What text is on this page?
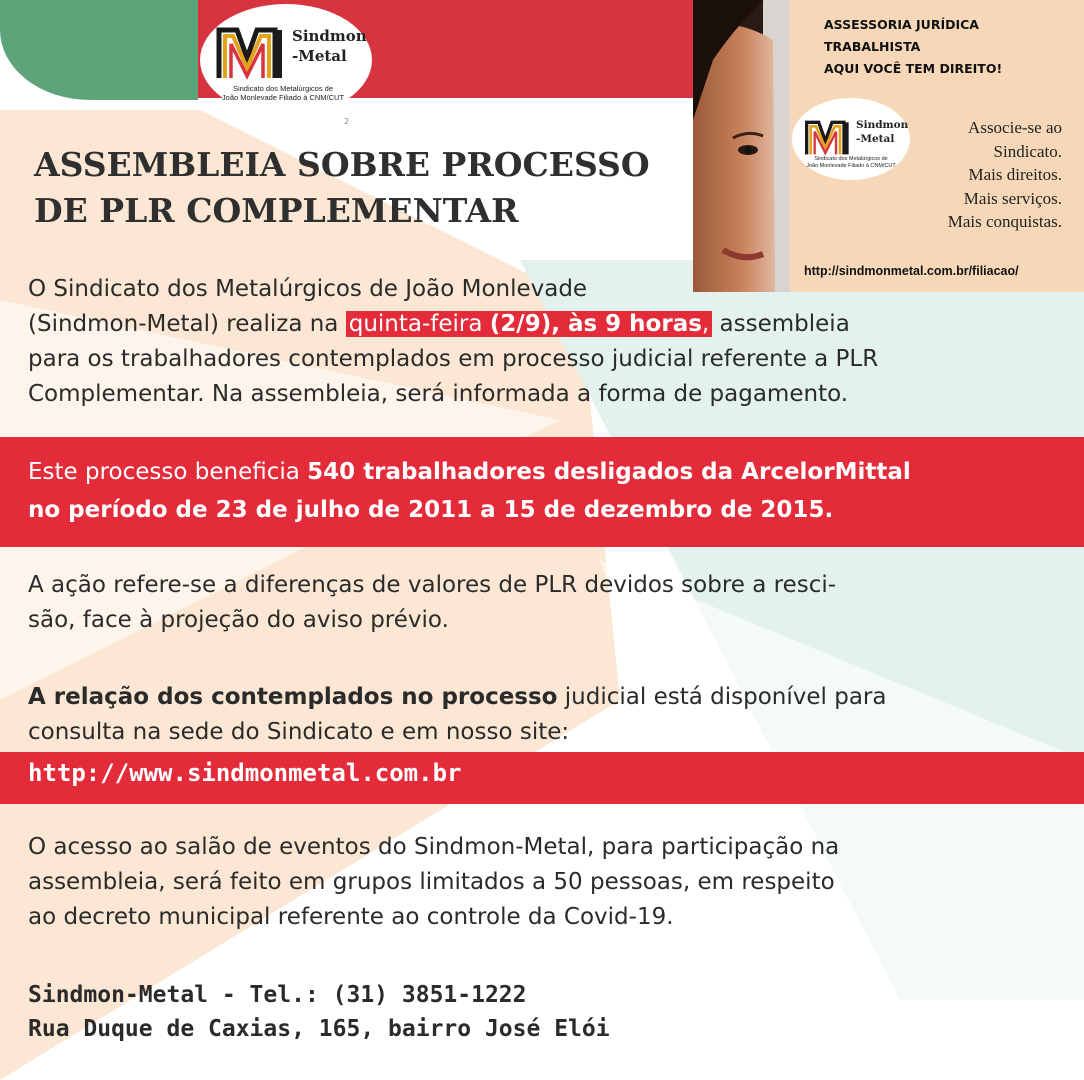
Sindmon
-Metal
Sindicato dos Metalúrgicos de
João Monlevade Filiado à CNM/CUT
2
ASSEMBLEIA SOBRE PROCESSO
DE PLR COMPLEMENTAR
ASSESSORIA JURÍDICA
TRABALHISTA
AQUI VOCÊ TEM DIREITO!
Sindmon
-Metal
Sindicato dos Metalúrgicos de
João Monlevade Filiado à CNM/CUT
Associe-se ao
Sindicato.
Mais direitos.
Mais serviços.
Mais conquistas.
http://sindmonmetal.com.br/filiacao/
O Sindicato dos Metalúrgicos de João Monlevade
(Sindmon-Metal) realiza na quinta-feira (2/9), às 9 horas, assembleia
para os trabalhadores contemplados em processo judicial referente a PLR
Complementar. Na assembleia, será informada a forma de pagamento.
Este processo beneficia 540 trabalhadores desligados da ArcelorMittal
no período de 23 de julho de 2011 a 15 de dezembro de 2015.
A ação refere-se a diferenças de valores de PLR devidos sobre a resci-
são, face à projeção do aviso prévio.
A relação dos contemplados no processo judicial está disponível para
consulta na sede do Sindicato e em nosso site:
http://www.sindmonmetal.com.br
O acesso ao salão de eventos do Sindmon-Metal, para participação na
assembleia, será feito em grupos limitados a 50 pessoas, em respeito
ao decreto municipal referente ao controle da Covid-19.
Sindmon-Metal - Tel.: (31) 3851-1222
Rua Duque de Caxias, 165, bairro José Elói
